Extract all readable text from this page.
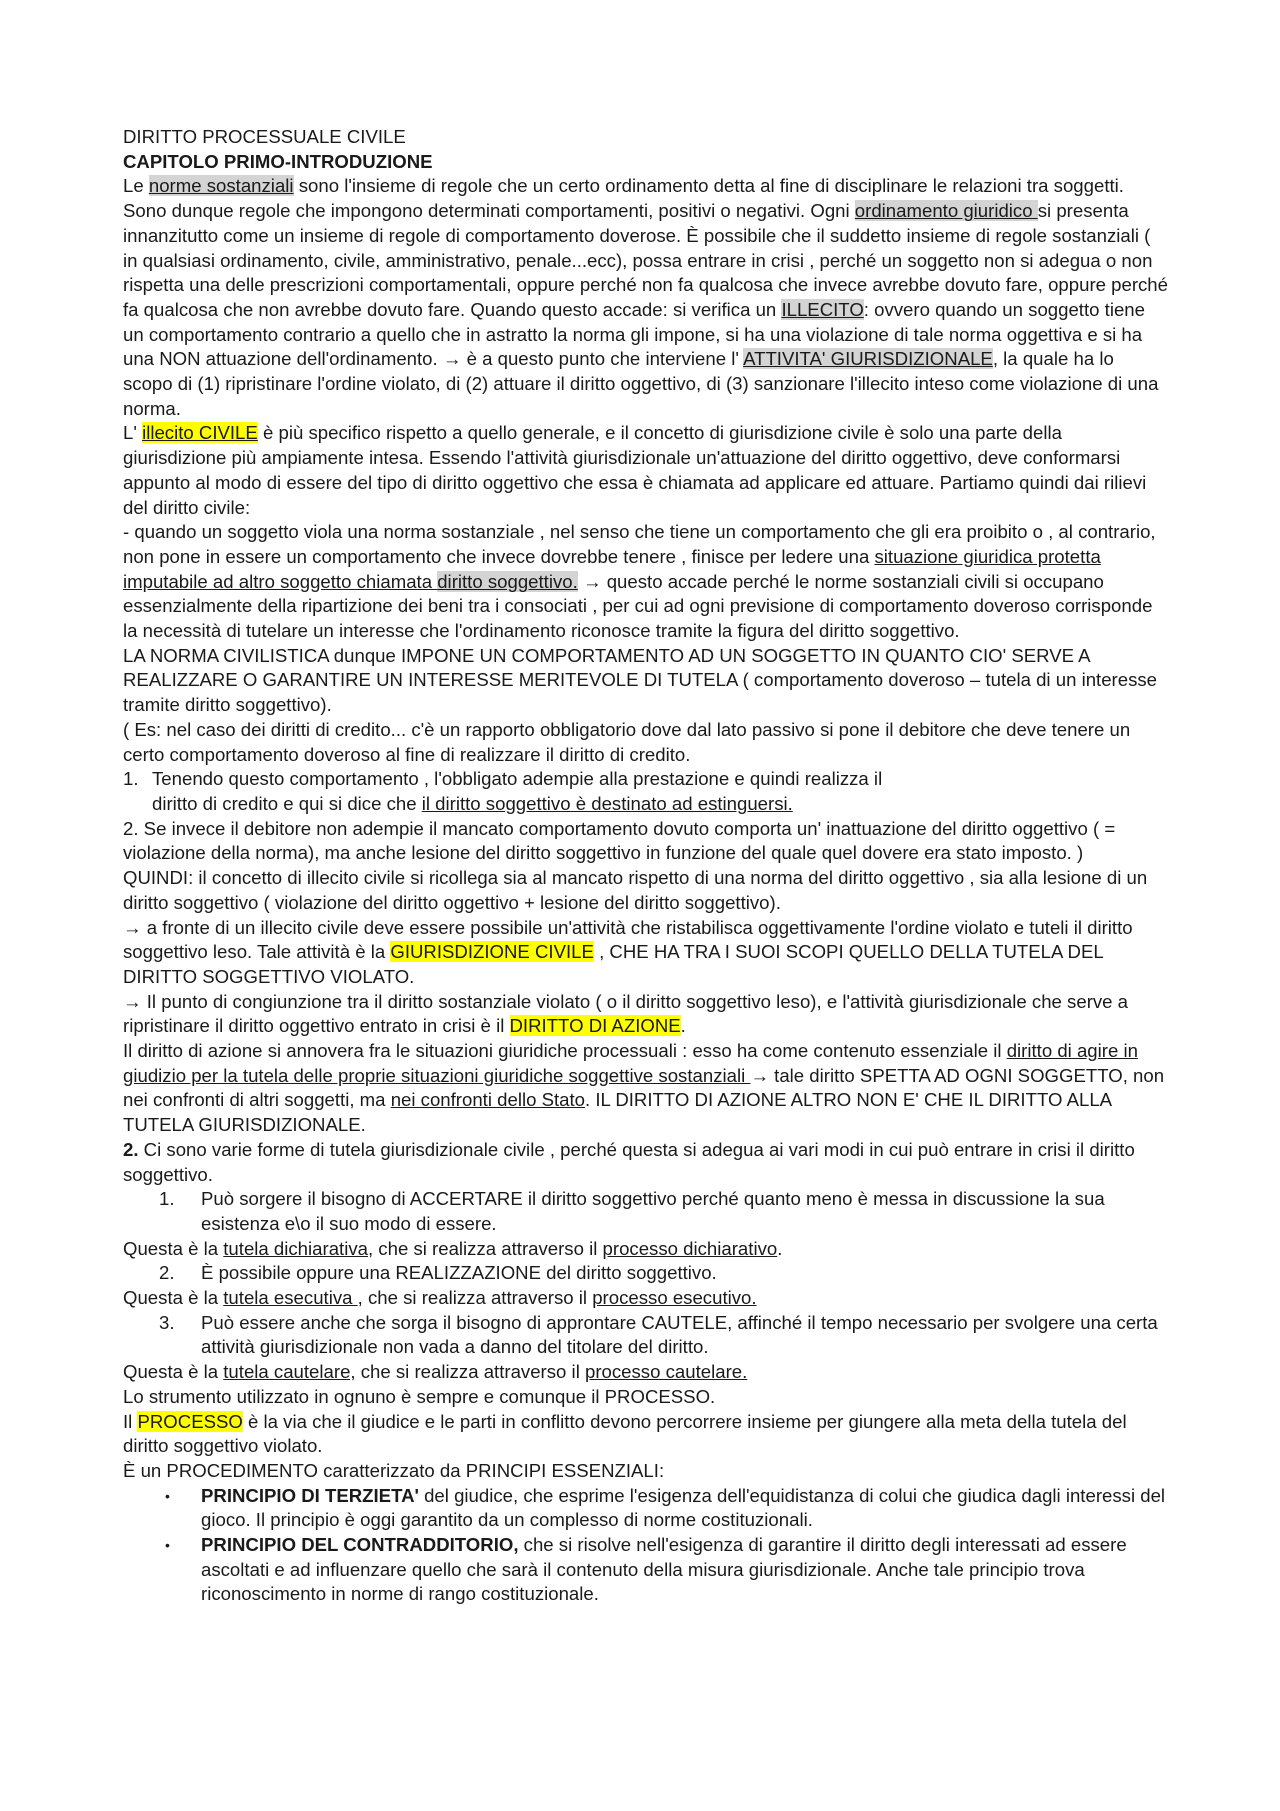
DIRITTO PROCESSUALE CIVILE

CAPITOLO PRIMO-INTRODUZIONE

Le norme sostanziali sono l'insieme di regole che un certo ordinamento detta al fine di disciplinare le relazioni tra soggetti. Sono dunque regole che impongono determinati comportamenti, positivi o negativi. Ogni ordinamento giuridico si presenta innanzitutto come un insieme di regole di comportamento doverose. È possibile che il suddetto insieme di regole sostanziali ( in qualsiasi ordinamento, civile, amministrativo, penale...ecc), possa entrare in crisi , perché un soggetto non si adegua o non rispetta una delle prescrizioni comportamentali, oppure perché non fa qualcosa che invece avrebbe dovuto fare, oppure perché fa qualcosa che non avrebbe dovuto fare. Quando questo accade: si verifica un ILLECITO: ovvero quando un soggetto tiene un comportamento contrario a quello che in astratto la norma gli impone, si ha una violazione di tale norma oggettiva e si ha una NON attuazione dell'ordinamento. → è a questo punto che interviene l' ATTIVITA' GIURISDIZIONALE, la quale ha lo scopo di (1) ripristinare l'ordine violato, di (2) attuare il diritto oggettivo, di (3) sanzionare l'illecito inteso come violazione di una norma.

L' illecito CIVILE è più specifico rispetto a quello generale, e il concetto di giurisdizione civile è solo una parte della giurisdizione più ampiamente intesa. Essendo l'attività giurisdizionale un'attuazione del diritto oggettivo, deve conformarsi appunto al modo di essere del tipo di diritto oggettivo che essa è chiamata ad applicare ed attuare. Partiamo quindi dai rilievi del diritto civile:

- quando un soggetto viola una norma sostanziale , nel senso che tiene un comportamento che gli era proibito o , al contrario, non pone in essere un comportamento che invece dovrebbe tenere , finisce per ledere una situazione giuridica protetta imputabile ad altro soggetto chiamata diritto soggettivo. → questo accade perché le norme sostanziali civili si occupano essenzialmente della ripartizione dei beni tra i consociati , per cui ad ogni previsione di comportamento doveroso corrisponde la necessità di tutelare un interesse che l'ordinamento riconosce tramite la figura del diritto soggettivo.

LA NORMA CIVILISTICA dunque IMPONE UN COMPORTAMENTO AD UN SOGGETTO IN QUANTO CIO' SERVE A REALIZZARE O GARANTIRE UN INTERESSE MERITEVOLE DI TUTELA ( comportamento doveroso – tutela di un interesse tramite diritto soggettivo).

( Es: nel caso dei diritti di credito... c'è un rapporto obbligatorio dove dal lato passivo si pone il debitore che deve tenere un certo comportamento doveroso al fine di realizzare il diritto di credito.

1. Tenendo questo comportamento , l'obbligato adempie alla prestazione e quindi realizza il

diritto di credito e qui si dice che il diritto soggettivo è destinato ad estinguersi.

2. Se invece il debitore non adempie il mancato comportamento dovuto comporta un' inattuazione del diritto oggettivo ( = violazione della norma), ma anche lesione del diritto soggettivo in funzione del quale quel dovere era stato imposto. )

QUINDI: il concetto di illecito civile si ricollega sia al mancato rispetto di una norma del diritto oggettivo , sia alla lesione di un diritto soggettivo ( violazione del diritto oggettivo + lesione del diritto soggettivo).

→ a fronte di un illecito civile deve essere possibile un'attività che ristabilisca oggettivamente l'ordine violato e tuteli il diritto soggettivo leso. Tale attività è la GIURISDIZIONE CIVILE , CHE HA TRA I SUOI SCOPI QUELLO DELLA TUTELA DEL DIRITTO SOGGETTIVO VIOLATO.

→ Il punto di congiunzione tra il diritto sostanziale violato ( o il diritto soggettivo leso), e l'attività giurisdizionale che serve a ripristinare il diritto oggettivo entrato in crisi è il DIRITTO DI AZIONE.

Il diritto di azione si annovera fra le situazioni giuridiche processuali : esso ha come contenuto essenziale il diritto di agire in giudizio per la tutela delle proprie situazioni giuridiche soggettive sostanziali → tale diritto SPETTA AD OGNI SOGGETTO, non nei confronti di altri soggetti, ma nei confronti dello Stato. IL DIRITTO DI AZIONE ALTRO NON E' CHE IL DIRITTO ALLA TUTELA GIURISDIZIONALE.

2. Ci sono varie forme di tutela giurisdizionale civile , perché questa si adegua ai vari modi in cui può entrare in crisi il diritto soggettivo.

1.	Può sorgere il bisogno di ACCERTARE il diritto soggettivo perché quanto meno è messa in discussione la sua esistenza e\o il suo modo di essere.

Questa è la tutela dichiarativa, che si realizza attraverso il processo dichiarativo.

2.	È possibile oppure una REALIZZAZIONE del diritto soggettivo.

Questa è la tutela esecutiva , che si realizza attraverso il processo esecutivo.

3.	Può essere anche che sorga il bisogno di approntare CAUTELE, affinché il tempo necessario per svolgere una certa attività giurisdizionale non vada a danno del titolare del diritto.

Questa è la tutela cautelare, che si realizza attraverso il processo cautelare.

Lo strumento utilizzato in ognuno è sempre e comunque il PROCESSO.

Il PROCESSO è la via che il giudice e le parti in conflitto devono percorrere insieme per giungere alla meta della tutela del diritto soggettivo violato.

È un PROCEDIMENTO caratterizzato da PRINCIPI ESSENZIALI:

•	PRINCIPIO DI TERZIETA' del giudice, che esprime l'esigenza dell'equidistanza di colui che giudica dagli interessi del gioco. Il principio è oggi garantito da un complesso di norme costituzionali.
•	PRINCIPIO DEL CONTRADDITORIO, che si risolve nell'esigenza di garantire il diritto degli interessati ad essere ascoltati e ad influenzare quello che sarà il contenuto della misura giurisdizionale. Anche tale principio trova riconoscimento in norme di rango costituzionale.
